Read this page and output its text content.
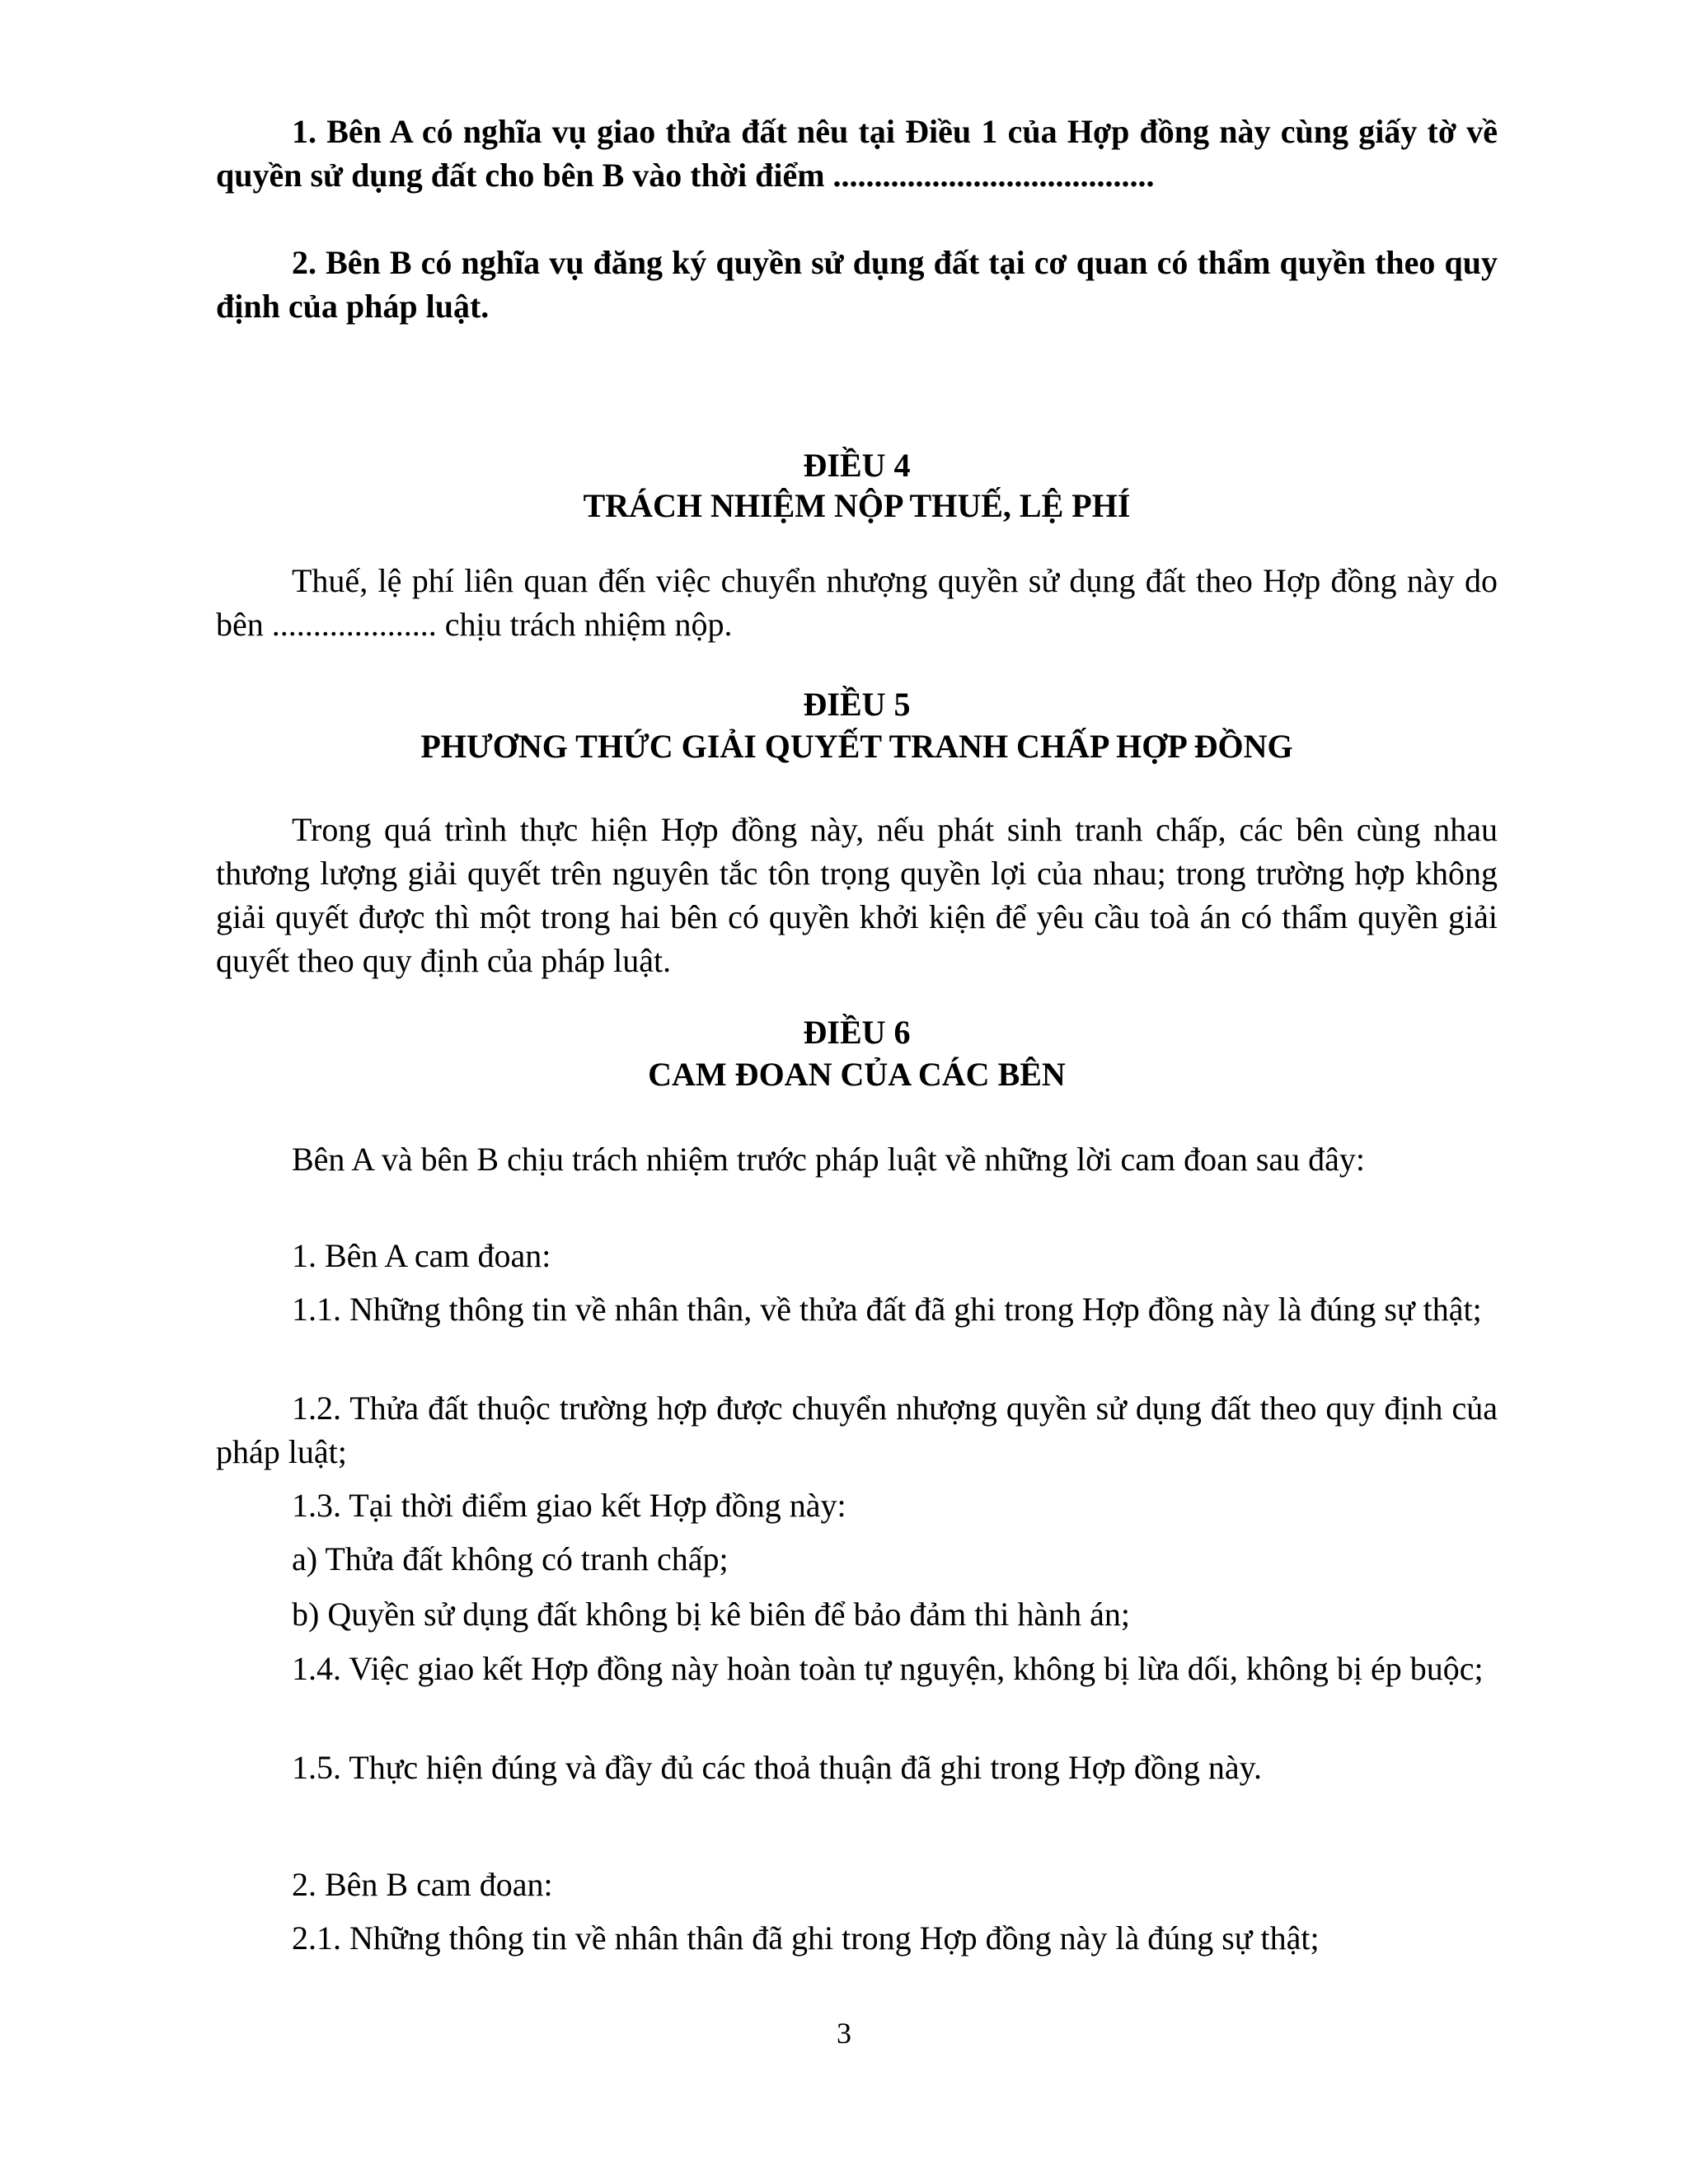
1. Bên A có nghĩa vụ giao thửa đất nêu tại Điều 1 của Hợp đồng này cùng giấy tờ về quyền sử dụng đất cho bên B vào thời điểm .......................................

2. Bên B có nghĩa vụ đăng ký quyền sử dụng đất tại cơ quan có thẩm quyền theo quy định của pháp luật.

ĐIỀU 4
TRÁCH NHIỆM NỘP THUẾ, LỆ PHÍ

Thuế, lệ phí liên quan đến việc chuyển nhượng quyền sử dụng đất theo Hợp đồng này do bên .................... chịu trách nhiệm nộp.

ĐIỀU 5
PHƯƠNG THỨC GIẢI QUYẾT TRANH CHẤP HỢP ĐỒNG

Trong quá trình thực hiện Hợp đồng này, nếu phát sinh tranh chấp, các bên cùng nhau thương lượng giải quyết trên nguyên tắc tôn trọng quyền lợi của nhau; trong trường hợp không giải quyết được thì một trong hai bên có quyền khởi kiện để yêu cầu toà án có thẩm quyền giải quyết theo quy định của pháp luật.

ĐIỀU 6
CAM ĐOAN CỦA CÁC BÊN

Bên A và bên B chịu trách nhiệm trước pháp luật về những lời cam đoan sau đây:

1. Bên A cam đoan:

1.1. Những thông tin về nhân thân, về thửa đất đã ghi trong Hợp đồng này là đúng sự thật;

1.2. Thửa đất thuộc trường hợp được chuyển nhượng quyền sử dụng đất theo quy định của pháp luật;

1.3. Tại thời điểm giao kết Hợp đồng này:

a) Thửa đất không có tranh chấp;

b) Quyền sử dụng đất không bị kê biên để bảo đảm thi hành án;

1.4. Việc giao kết Hợp đồng này hoàn toàn tự nguyện, không bị lừa dối, không bị ép buộc;

1.5. Thực hiện đúng và đầy đủ các thoả thuận đã ghi trong Hợp đồng này.

2. Bên B cam đoan:

2.1. Những thông tin về nhân thân đã ghi trong Hợp đồng này là đúng sự thật;

3
